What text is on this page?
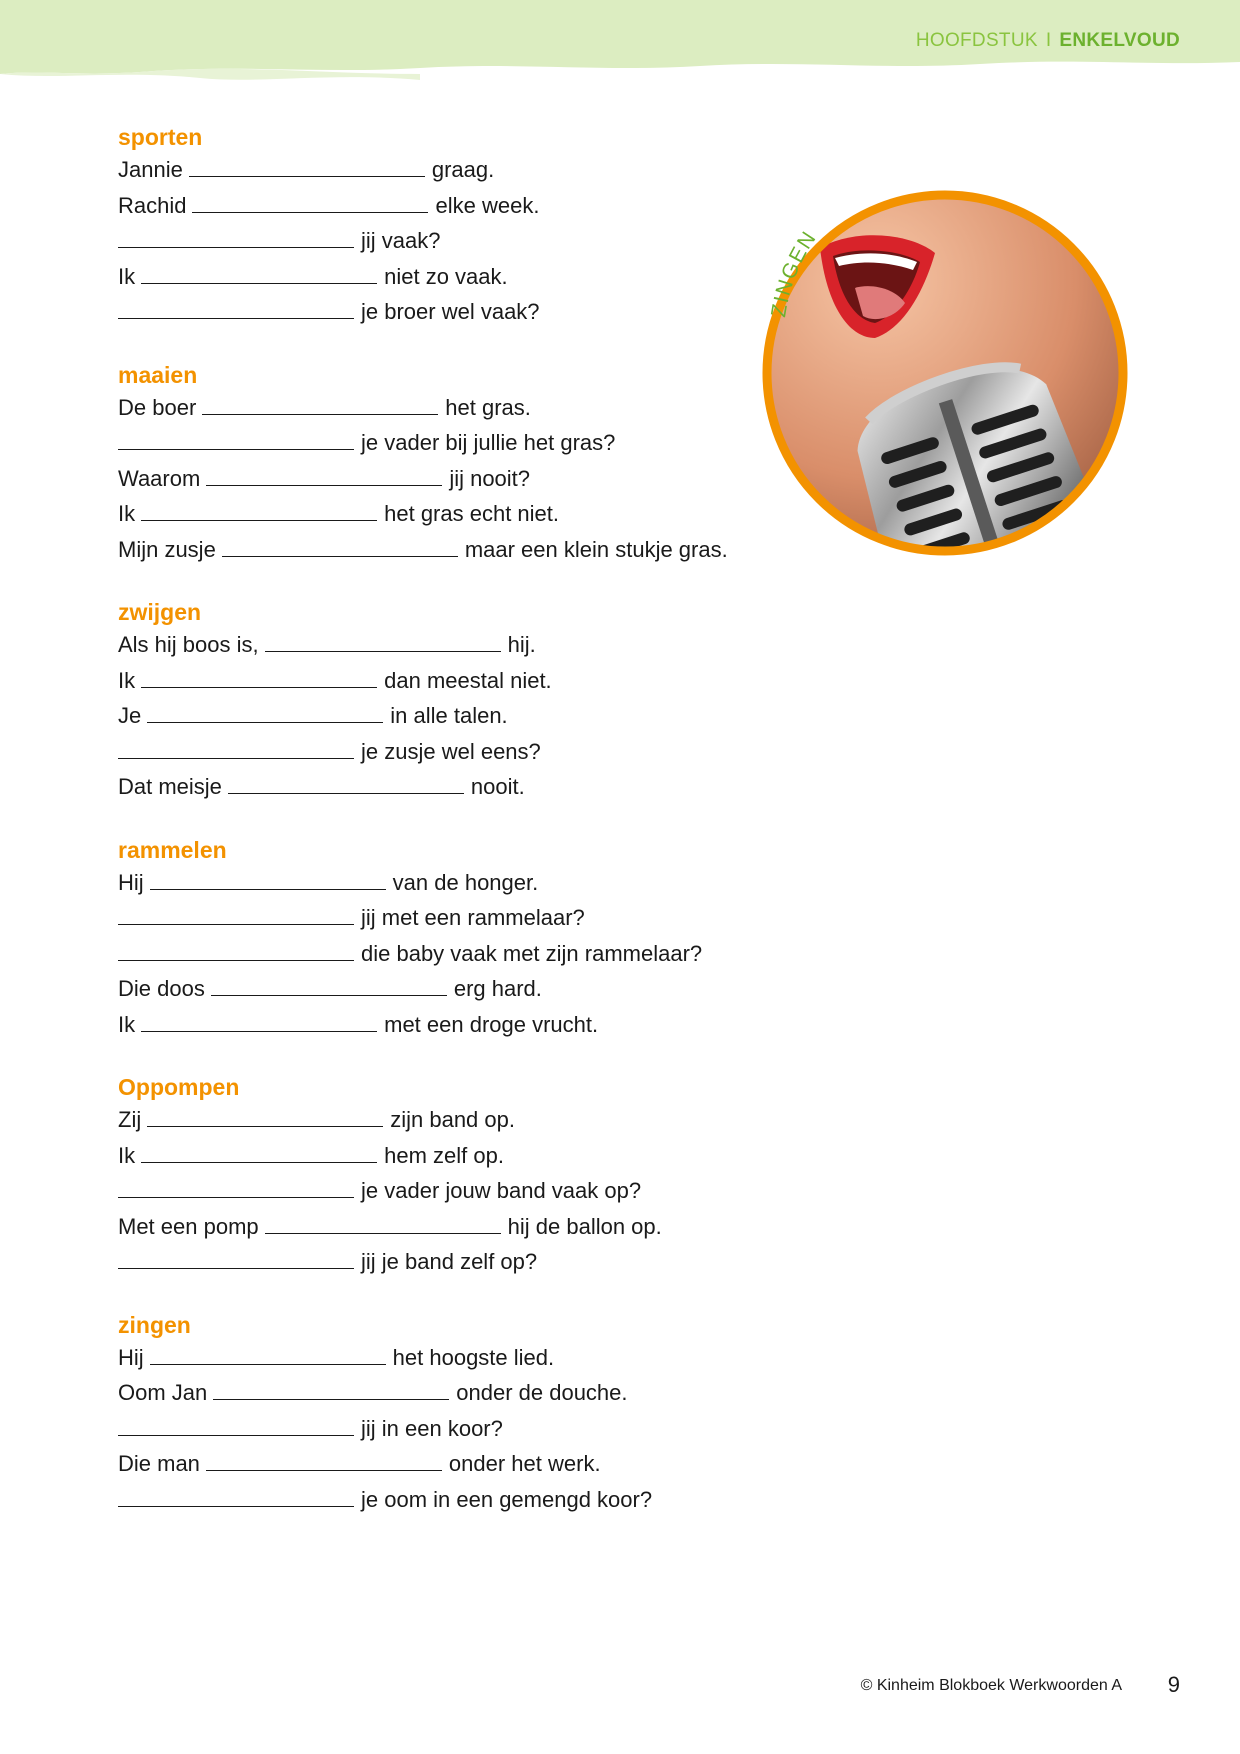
HOOFDSTUK I ENKELVOUD
sporten
Jannie	graag.
Rachid	elke week.
jij vaak?
Ik	niet zo vaak.
je broer wel vaak?
maaien
De boer	het gras.
je vader bij jullie het gras?
Waarom	jij nooit?
Ik	het gras echt niet.
Mijn zusje	maar een klein stukje gras.
zwijgen
Als hij boos is,	hij.
Ik	dan meestal niet.
Je	in alle talen.
je zusje wel eens?
Dat meisje	nooit.
rammelen
Hij	van de honger.
jij met een rammelaar?
die baby vaak met zijn rammelaar?
Die doos	erg hard.
Ik	met een droge vrucht.
Oppompen
Zij	zijn band op.
Ik	hem zelf op.
je vader jouw band vaak op?
Met een pomp	hij de ballon op.
jij je band zelf op?
zingen
Hij	het hoogste lied.
Oom Jan	onder de douche.
jij in een koor?
Die man	onder het werk.
je oom in een gemengd koor?
ZINGEN
© Kinheim Blokboek Werkwoorden A 9
